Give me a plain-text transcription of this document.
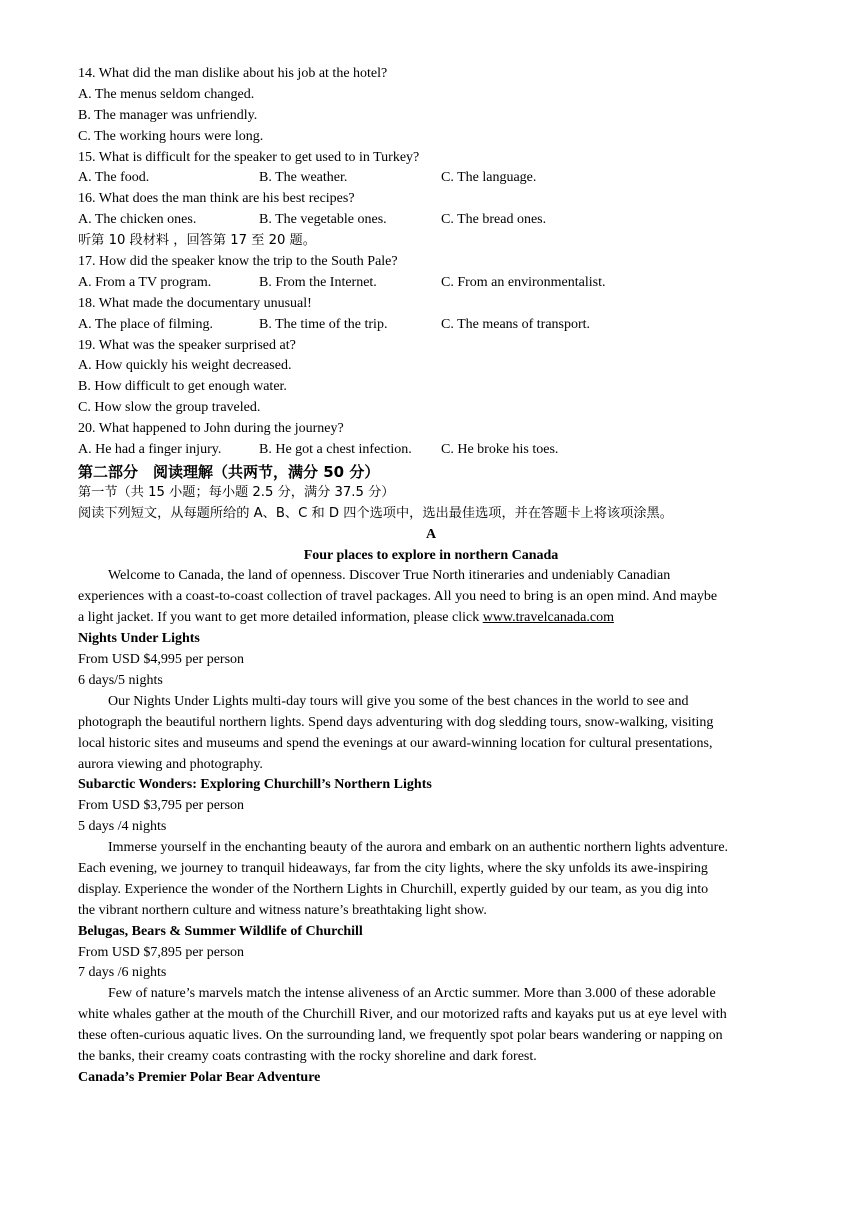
14. What did the man dislike about his job at the hotel?
A. The menus seldom changed.
B. The manager was unfriendly.
C. The working hours were long.
15. What is difficult for the speaker to get used to in Turkey?
A. The food.	B. The weather.	C. The language.
16. What does the man think are his best recipes?
A. The chicken ones.	B. The vegetable ones.	C. The bread ones.
听第 10 段材料 ，回答第 17 至 20 题。
17. How did the speaker know the trip to the South Pale?
A. From a TV program.	B. From the Internet.	C. From an environmentalist.
18. What made the documentary unusual!
A. The place of filming.	B. The time of the trip.	C. The means of transport.
19. What was the speaker surprised at?
A. How quickly his weight decreased.
B. How difficult to get enough water.
C. How slow the group traveled.
20. What happened to John during the journey?
A. He had a finger injury.	B. He got a chest infection.	C. He broke his toes.
第二部分　阅读理解（共两节，满分 50 分）
第一节（共 15 小题；每小题 2.5 分，满分 37.5 分）
阅读下列短文，从每题所给的 A、B、C 和 D 四个选项中，选出最佳选项，并在答题卡上将该项涂黑。
A
Four places to explore in northern Canada
Welcome to Canada, the land of openness. Discover True North itineraries and undeniably Canadian
experiences with a coast-to-coast collection of travel packages. All you need to bring is an open mind. And maybe
a light jacket. If you want to get more detailed information, please click www.travelcanada.com
Nights Under Lights
From USD $4,995 per person
6 days/5 nights
Our Nights Under Lights multi-day tours will give you some of the best chances in the world to see and
photograph the beautiful northern lights. Spend days adventuring with dog sledding tours, snow-walking, visiting
local historic sites and museums and spend the evenings at our award-winning location for cultural presentations,
aurora viewing and photography.
Subarctic Wonders: Exploring Churchill’s Northern Lights
From USD $3,795 per person
5 days /4 nights
Immerse yourself in the enchanting beauty of the aurora and embark on an authentic northern lights adventure.
Each evening, we journey to tranquil hideaways, far from the city lights, where the sky unfolds its awe-inspiring
display. Experience the wonder of the Northern Lights in Churchill, expertly guided by our team, as you dig into
the vibrant northern culture and witness nature’s breathtaking light show.
Belugas, Bears & Summer Wildlife of Churchill
From USD $7,895 per person
7 days /6 nights
Few of nature’s marvels match the intense aliveness of an Arctic summer. More than 3.000 of these adorable
white whales gather at the mouth of the Churchill River, and our motorized rafts and kayaks put us at eye level with
these often-curious aquatic lives. On the surrounding land, we frequently spot polar bears wandering or napping on
the banks, their creamy coats contrasting with the rocky shoreline and dark forest.
Canada’s Premier Polar Bear Adventure
